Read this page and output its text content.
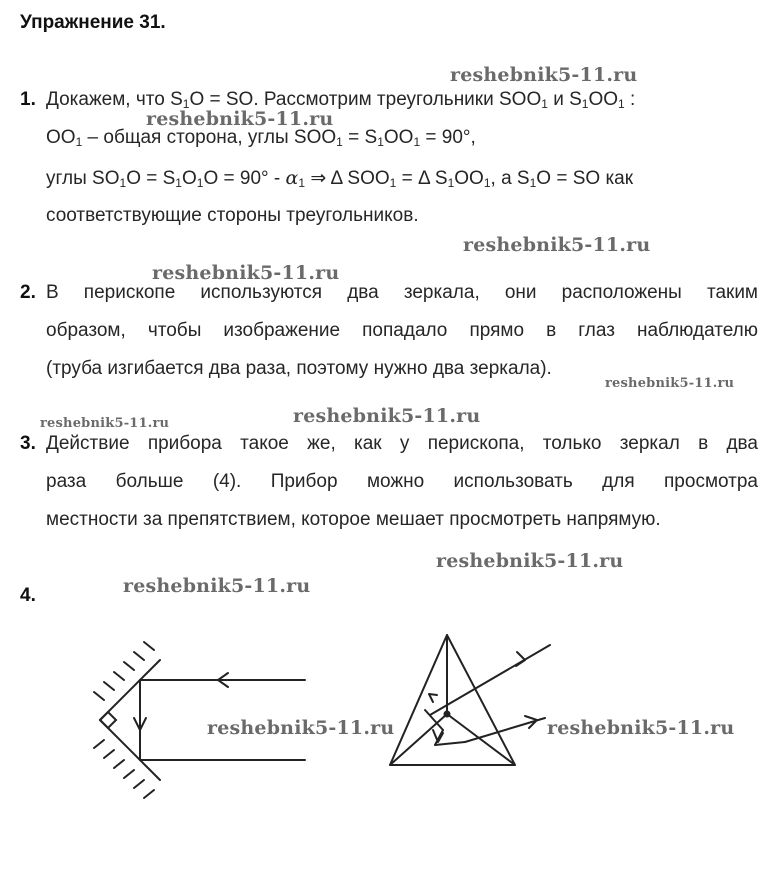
Упражнение 31.
1. Докажем, что $S_1O$ = SO. Рассмотрим треугольники $SOO_1$ и $S_1OO_1$ :
$OO_1$ – общая сторона, углы $SOO_1 = S_1OO_1 = 90^\circ$,
углы $SO_1O = S_1O_1O = 90^\circ - \alpha_1$ ⇒ Δ $SOO_1 = \Delta$ $S_1OO_1$, а $S_1O$ = SO как
соответствующие стороны треугольников.
2. В перископе используются два зеркала, они расположены таким
образом, чтобы изображение попадало прямо в глаз наблюдателю
(труба изгибается два раза, поэтому нужно два зеркала).
3. Действие прибора такое же, как у перископа, только зеркал в два
раза больше (4). Прибор можно использовать для просмотра
местности за препятствием, которое мешает просмотреть напрямую.
4.
reshebnik5-11.ru
reshebnik5-11.ru
reshebnik5-11.ru
reshebnik5-11.ru
reshebnik5-11.ru
reshebnik5-11.ru	reshebnik5-11.ru
reshebnik5-11.ru
reshebnik5-11.ru
reshebnik5-11.ru	reshebnik5-11.ru
